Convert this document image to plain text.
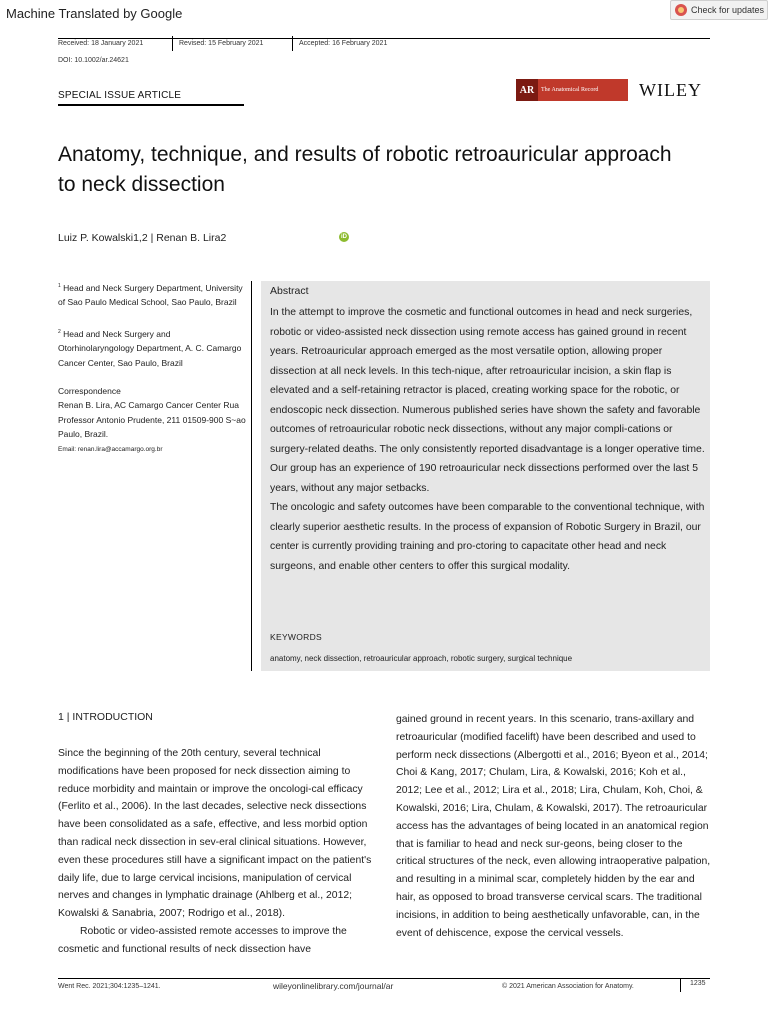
Machine Translated by Google	Check for updates
Received: 18 January 2021	Revised: 15 February 2021	Accepted: 16 February 2021
DOI: 10.1002/ar.24621
SPECIAL ISSUE ARTICLE	AR	The Anatomical Record WILEY
Anatomy, technique, and results of robotic retroauricular approach to neck dissection
Luiz P. Kowalski1,2 | Renan B. Lira2	iD
$^1$ Head and Neck Surgery Department, University of Sao Paulo Medical School, Sao Paulo, Brazil
$^2$ Head and Neck Surgery and Otorhinolaryngology Department, A. C. Camargo Cancer Center, Sao Paulo, Brazil
Correspondence
Renan B. Lira, AC Camargo Cancer Center Rua Professor Antonio Prudente, 211 01509-900 S~ao Paulo, Brazil.
Email: renan.lira@accamargo.org.br
Abstract

In the attempt to improve the cosmetic and functional outcomes in head and neck surgeries, robotic or video-assisted neck dissection using remote access has gained ground in recent years. Retroauricular approach emerged as the most versatile option, allowing proper dissection at all neck levels. In this tech-nique, after retroauricular incision, a skin flap is elevated and a self-retaining retractor is placed, creating working space for the robotic, or endoscopic neck dissection. Numerous published series have shown the safety and favorable outcomes of retroauricular robotic neck dissections, without any major compli-cations or surgery-related deaths. The only consistently reported disadvantage is a longer operative time. Our group has an experience of 190 retroauricular neck dissections performed over the last 5 years, without any major setbacks.

The oncologic and safety outcomes have been comparable to the conventional technique, with clearly superior aesthetic results. In the process of expansion of Robotic Surgery in Brazil, our center is currently providing training and pro-ctoring to capacitate other head and neck surgeons, and enable other centers to offer this surgical modality.

KEYWORDS
anatomy, neck dissection, retroauricular approach, robotic surgery, surgical technique
1 | INTRODUCTION

Since the beginning of the 20th century, several technical modifications have been proposed for neck dissection aiming to reduce morbidity and maintain or improve the oncologi-cal efficacy (Ferlito et al., 2006). In the last decades, selective neck dissections have been consolidated as a safe, effective, and less morbid option than radical neck dissection in sev-eral clinical situations. However, even these procedures still have a significant impact on the patient's daily life, due to large cervical incisions, manipulation of cervical nerves and changes in lymphatic drainage (Ahlberg et al., 2012; Kowalski & Sanabria, 2007; Rodrigo et al., 2018).

Robotic or video-assisted remote accesses to improve the cosmetic and functional results of neck dissection have

gained ground in recent years. In this scenario, trans-axillary and retroauricular (modified facelift) have been described and used to perform neck dissections (Albergotti et al., 2016; Byeon et al., 2014; Choi & Kang, 2017; Chulam, Lira, & Kowalski, 2016; Koh et al., 2012; Lee et al., 2012; Lira et al., 2018; Lira, Chulam, Koh, Choi, & Kowalski, 2016; Lira, Chulam, & Kowalski, 2017). The retroauricular access has the advantages of being located in an anatomical region that is familiar to head and neck sur-geons, being closer to the critical structures of the neck, even allowing intraoperative palpation, and resulting in a minimal scar, completely hidden by the ear and hair, as opposed to broad transverse cervical scars. The traditional incisions, in addition to being aesthetically unfavorable, can, in the event of dehiscence, expose the cervical vessels.

Went Rec. 2021;304:1235–1241.	wileyonlinelibrary.com/journal/ar	© 2021 American Association for Anatomy.	1235
